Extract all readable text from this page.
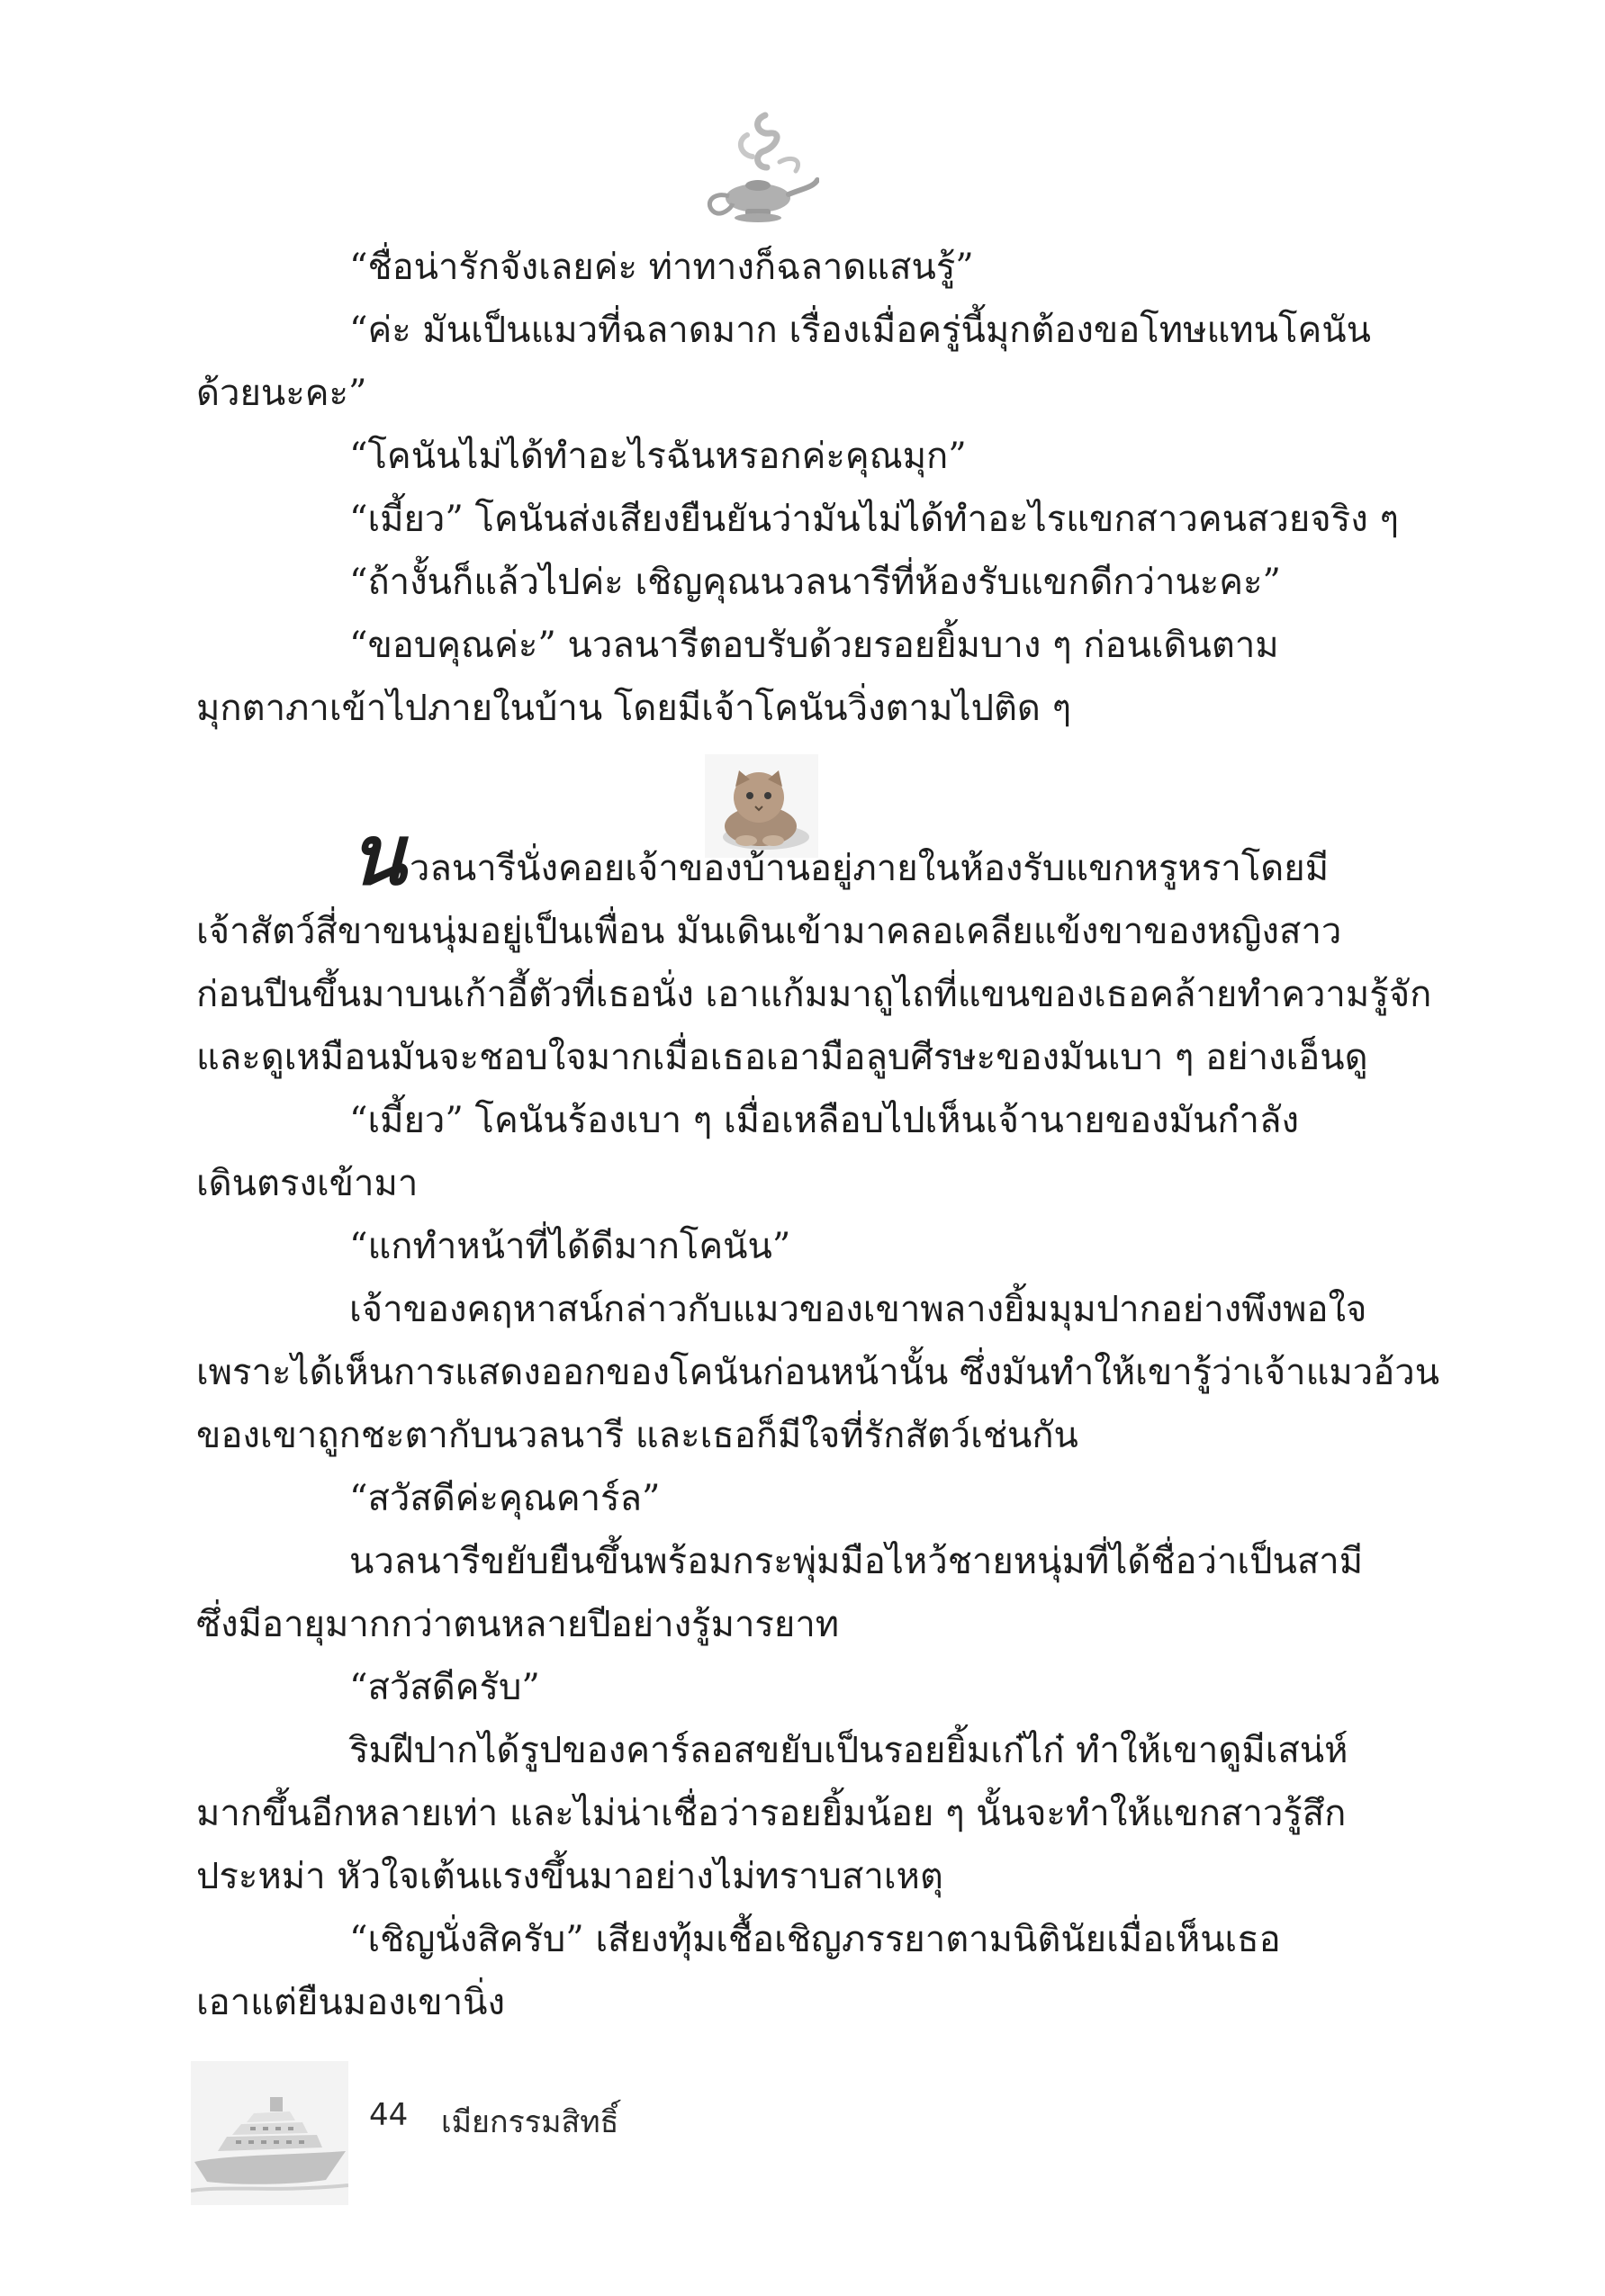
“ชื่อน่ารักจังเลยค่ะ ท่าทางก็ฉลาดแสนรู้”
“ค่ะ มันเป็นแมวที่ฉลาดมาก เรื่องเมื่อครู่นี้มุกต้องขอโทษแทนโคนัน
ด้วยนะคะ”
“โคนันไม่ได้ทำอะไรฉันหรอกค่ะคุณมุก”
“เมี้ยว” โคนันส่งเสียงยืนยันว่ามันไม่ได้ทำอะไรแขกสาวคนสวยจริง ๆ
“ถ้างั้นก็แล้วไปค่ะ เชิญคุณนวลนารีที่ห้องรับแขกดีกว่านะคะ”
“ขอบคุณค่ะ” นวลนารีตอบรับด้วยรอยยิ้มบาง ๆ ก่อนเดินตาม
มุกตาภาเข้าไปภายในบ้าน โดยมีเจ้าโคนันวิ่งตามไปติด ๆ
นวลนารีนั่งคอยเจ้าของบ้านอยู่ภายในห้องรับแขกหรูหราโดยมี
เจ้าสัตว์สี่ขาขนนุ่มอยู่เป็นเพื่อน มันเดินเข้ามาคลอเคลียแข้งขาของหญิงสาว
ก่อนปีนขึ้นมาบนเก้าอี้ตัวที่เธอนั่ง เอาแก้มมาถูไถที่แขนของเธอคล้ายทำความรู้จัก
และดูเหมือนมันจะชอบใจมากเมื่อเธอเอามือลูบศีรษะของมันเบา ๆ อย่างเอ็นดู
“เมี้ยว” โคนันร้องเบา ๆ เมื่อเหลือบไปเห็นเจ้านายของมันกำลัง
เดินตรงเข้ามา
“แกทำหน้าที่ได้ดีมากโคนัน”
เจ้าของคฤหาสน์กล่าวกับแมวของเขาพลางยิ้มมุมปากอย่างพึงพอใจ
เพราะได้เห็นการแสดงออกของโคนันก่อนหน้านั้น ซึ่งมันทำให้เขารู้ว่าเจ้าแมวอ้วน
ของเขาถูกชะตากับนวลนารี และเธอก็มีใจที่รักสัตว์เช่นกัน
“สวัสดีค่ะคุณคาร์ล”
นวลนารีขยับยืนขึ้นพร้อมกระพุ่มมือไหว้ชายหนุ่มที่ได้ชื่อว่าเป็นสามี
ซึ่งมีอายุมากกว่าตนหลายปีอย่างรู้มารยาท
“สวัสดีครับ”
ริมฝีปากได้รูปของคาร์ลอสขยับเป็นรอยยิ้มเก๋ไก๋ ทำให้เขาดูมีเสน่ห์
มากขึ้นอีกหลายเท่า และไม่น่าเชื่อว่ารอยยิ้มน้อย ๆ นั้นจะทำให้แขกสาวรู้สึก
ประหม่า หัวใจเต้นแรงขึ้นมาอย่างไม่ทราบสาเหตุ
“เชิญนั่งสิครับ” เสียงทุ้มเชื้อเชิญภรรยาตามนิตินัยเมื่อเห็นเธอ
เอาแต่ยืนมองเขานิ่ง
44 เมียกรรมสิทธิ์
